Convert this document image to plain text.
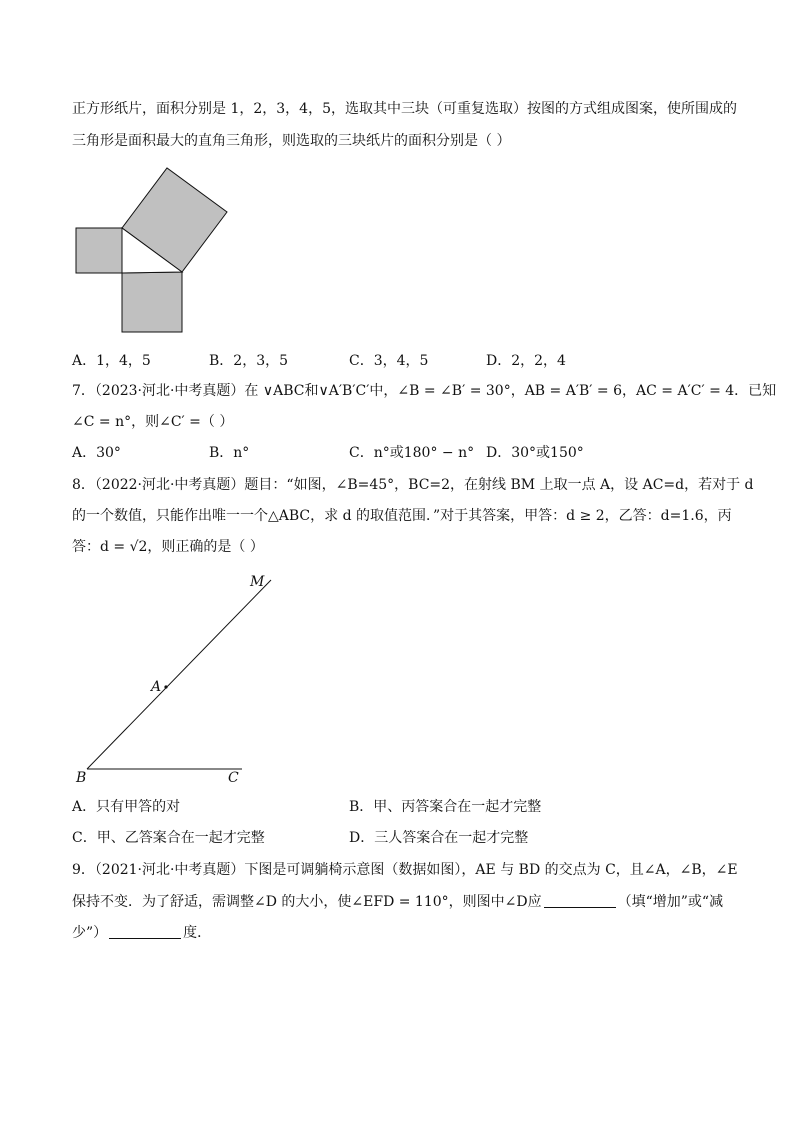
正方形纸片，面积分别是 1，2，3，4，5，选取其中三块（可重复选取）按图的方式组成图案，使所围成的
三角形是面积最大的直角三角形，则选取的三块纸片的面积分别是（ ）
A．1，4，5	B．2，3，5	C．3，4，5	D．2，2，4
7．（2023·河北·中考真题）在 ∨ABC和∨A′B′C′中，∠B = ∠B′ = 30°，AB = A′B′ = 6，AC = A′C′ = 4．已知
∠C = n°，则∠C′ =（ ）
A．30°	B．n°	C．n°或180° − n° D．30°或150°
8．（2022·河北·中考真题）题目：“如图，∠B=45°，BC=2，在射线 BM 上取一点 A，设 AC=d，若对于 d
的一个数值，只能作出唯一一个△ABC，求 d 的取值范围．”对于其答案，甲答：d ≥ 2，乙答：d=1.6，丙
答：d = √2，则正确的是（ ）
M
A
B	C
A．只有甲答的对	B．甲、丙答案合在一起才完整
C．甲、乙答案合在一起才完整	D．三人答案合在一起才完整
9．（2021·河北·中考真题）下图是可调躺椅示意图（数据如图），AE 与 BD 的交点为 C，且∠A，∠B，∠E
保持不变．为了舒适，需调整∠D 的大小，使∠EFD = 110°，则图中∠D应	（填“增加”或“减
少”）	度．
